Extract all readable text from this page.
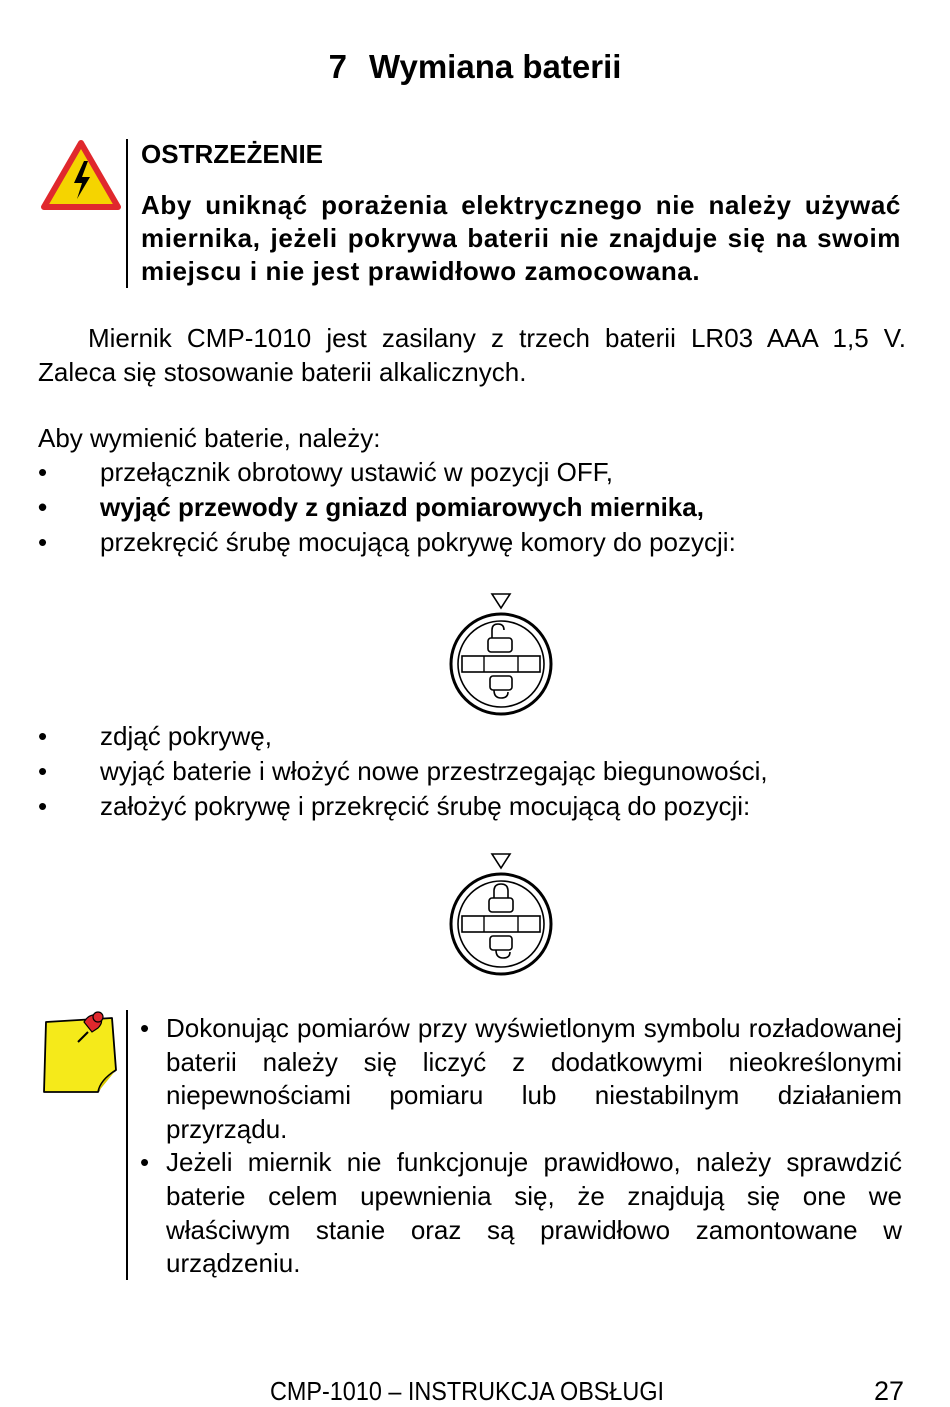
7 Wymiana baterii
OSTRZEŻENIE
Aby uniknąć porażenia elektrycznego nie należy używać miernika, jeżeli pokrywa baterii nie znajduje się na swoim miejscu i nie jest prawidłowo zamocowana.
Miernik CMP-1010 jest zasilany z trzech baterii LR03 AAA 1,5 V. Zaleca się stosowanie baterii alkalicznych.
Aby wymienić baterie, należy:
• przełącznik obrotowy ustawić w pozycji OFF,
• wyjąć przewody z gniazd pomiarowych miernika,
• przekręcić śrubę mocującą pokrywę komory do pozycji:
• zdjąć pokrywę,
• wyjąć baterie i włożyć nowe przestrzegając biegunowości,
• założyć pokrywę i przekręcić śrubę mocującą do pozycji:
• Dokonując pomiarów przy wyświetlonym symbolu rozładowanej baterii należy się liczyć z dodatkowymi nieokreślonymi niepewnościami pomiaru lub niestabilnym działaniem przyrządu.
• Jeżeli miernik nie funkcjonuje prawidłowo, należy sprawdzić baterie celem upewnienia się, że znajdują się one we właściwym stanie oraz są prawidłowo zamontowane w urządzeniu.
CMP-1010 – INSTRUKCJA OBSŁUGI	27
